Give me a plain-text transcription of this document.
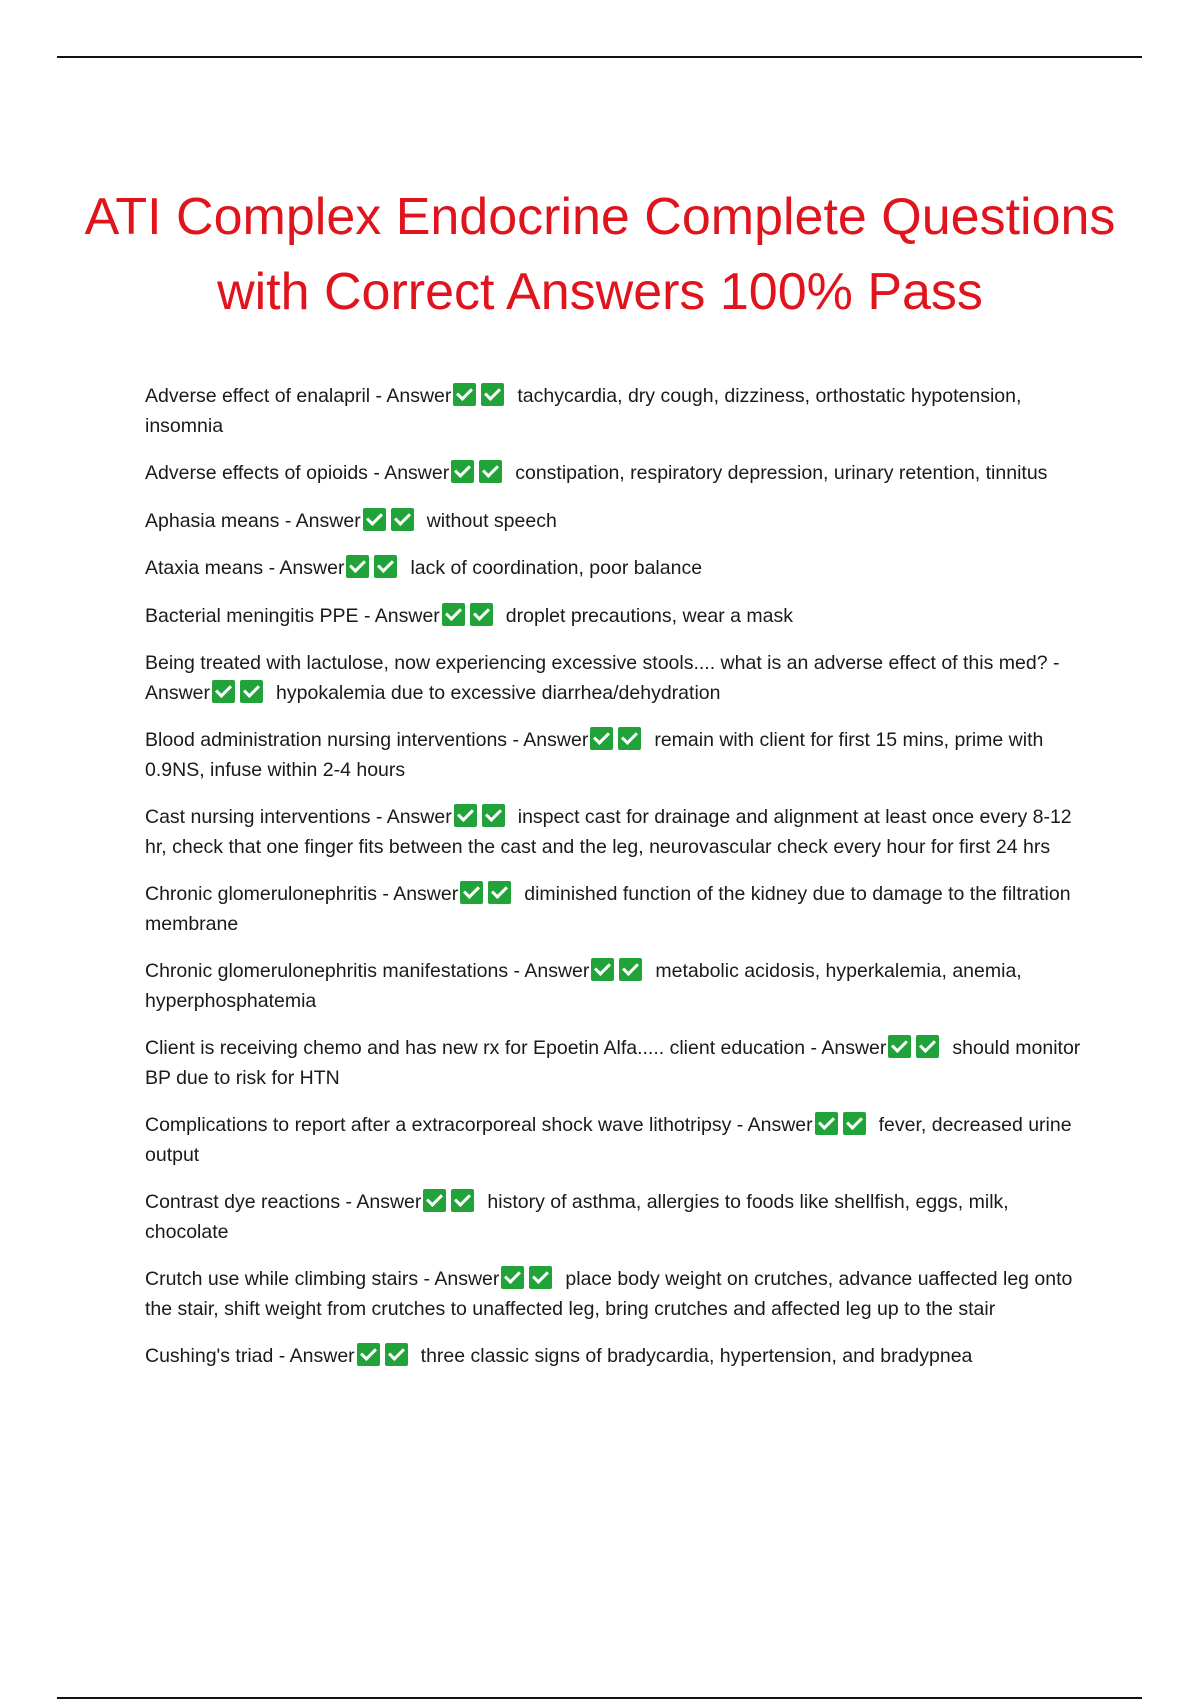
ATI Complex Endocrine Complete Questions with Correct Answers 100% Pass

Adverse effect of enalapril - Answer	tachycardia, dry cough, dizziness, orthostatic hypotension, insomnia

Adverse effects of opioids - Answer	constipation, respiratory depression, urinary retention, tinnitus

Aphasia means - Answer	without speech

Ataxia means - Answer	lack of coordination, poor balance

Bacterial meningitis PPE - Answer	droplet precautions, wear a mask

Being treated with lactulose, now experiencing excessive stools.... what is an adverse effect of this med? - Answer	hypokalemia due to excessive diarrhea/dehydration

Blood administration nursing interventions - Answer	remain with client for first 15 mins, prime with 0.9NS, infuse within 2-4 hours

Cast nursing interventions - Answer	inspect cast for drainage and alignment at least once every 8-12 hr, check that one finger fits between the cast and the leg, neurovascular check every hour for first 24 hrs

Chronic glomerulonephritis - Answer	diminished function of the kidney due to damage to the filtration membrane

Chronic glomerulonephritis manifestations - Answer	metabolic acidosis, hyperkalemia, anemia, hyperphosphatemia

Client is receiving chemo and has new rx for Epoetin Alfa..... client education - Answer	should monitor BP due to risk for HTN

Complications to report after a extracorporeal shock wave lithotripsy - Answer	fever, decreased urine output

Contrast dye reactions - Answer	history of asthma, allergies to foods like shellfish, eggs, milk, chocolate

Crutch use while climbing stairs - Answer	place body weight on crutches, advance uaffected leg onto the stair, shift weight from crutches to unaffected leg, bring crutches and affected leg up to the stair

Cushing's triad - Answer	three classic signs of bradycardia, hypertension, and bradypnea
